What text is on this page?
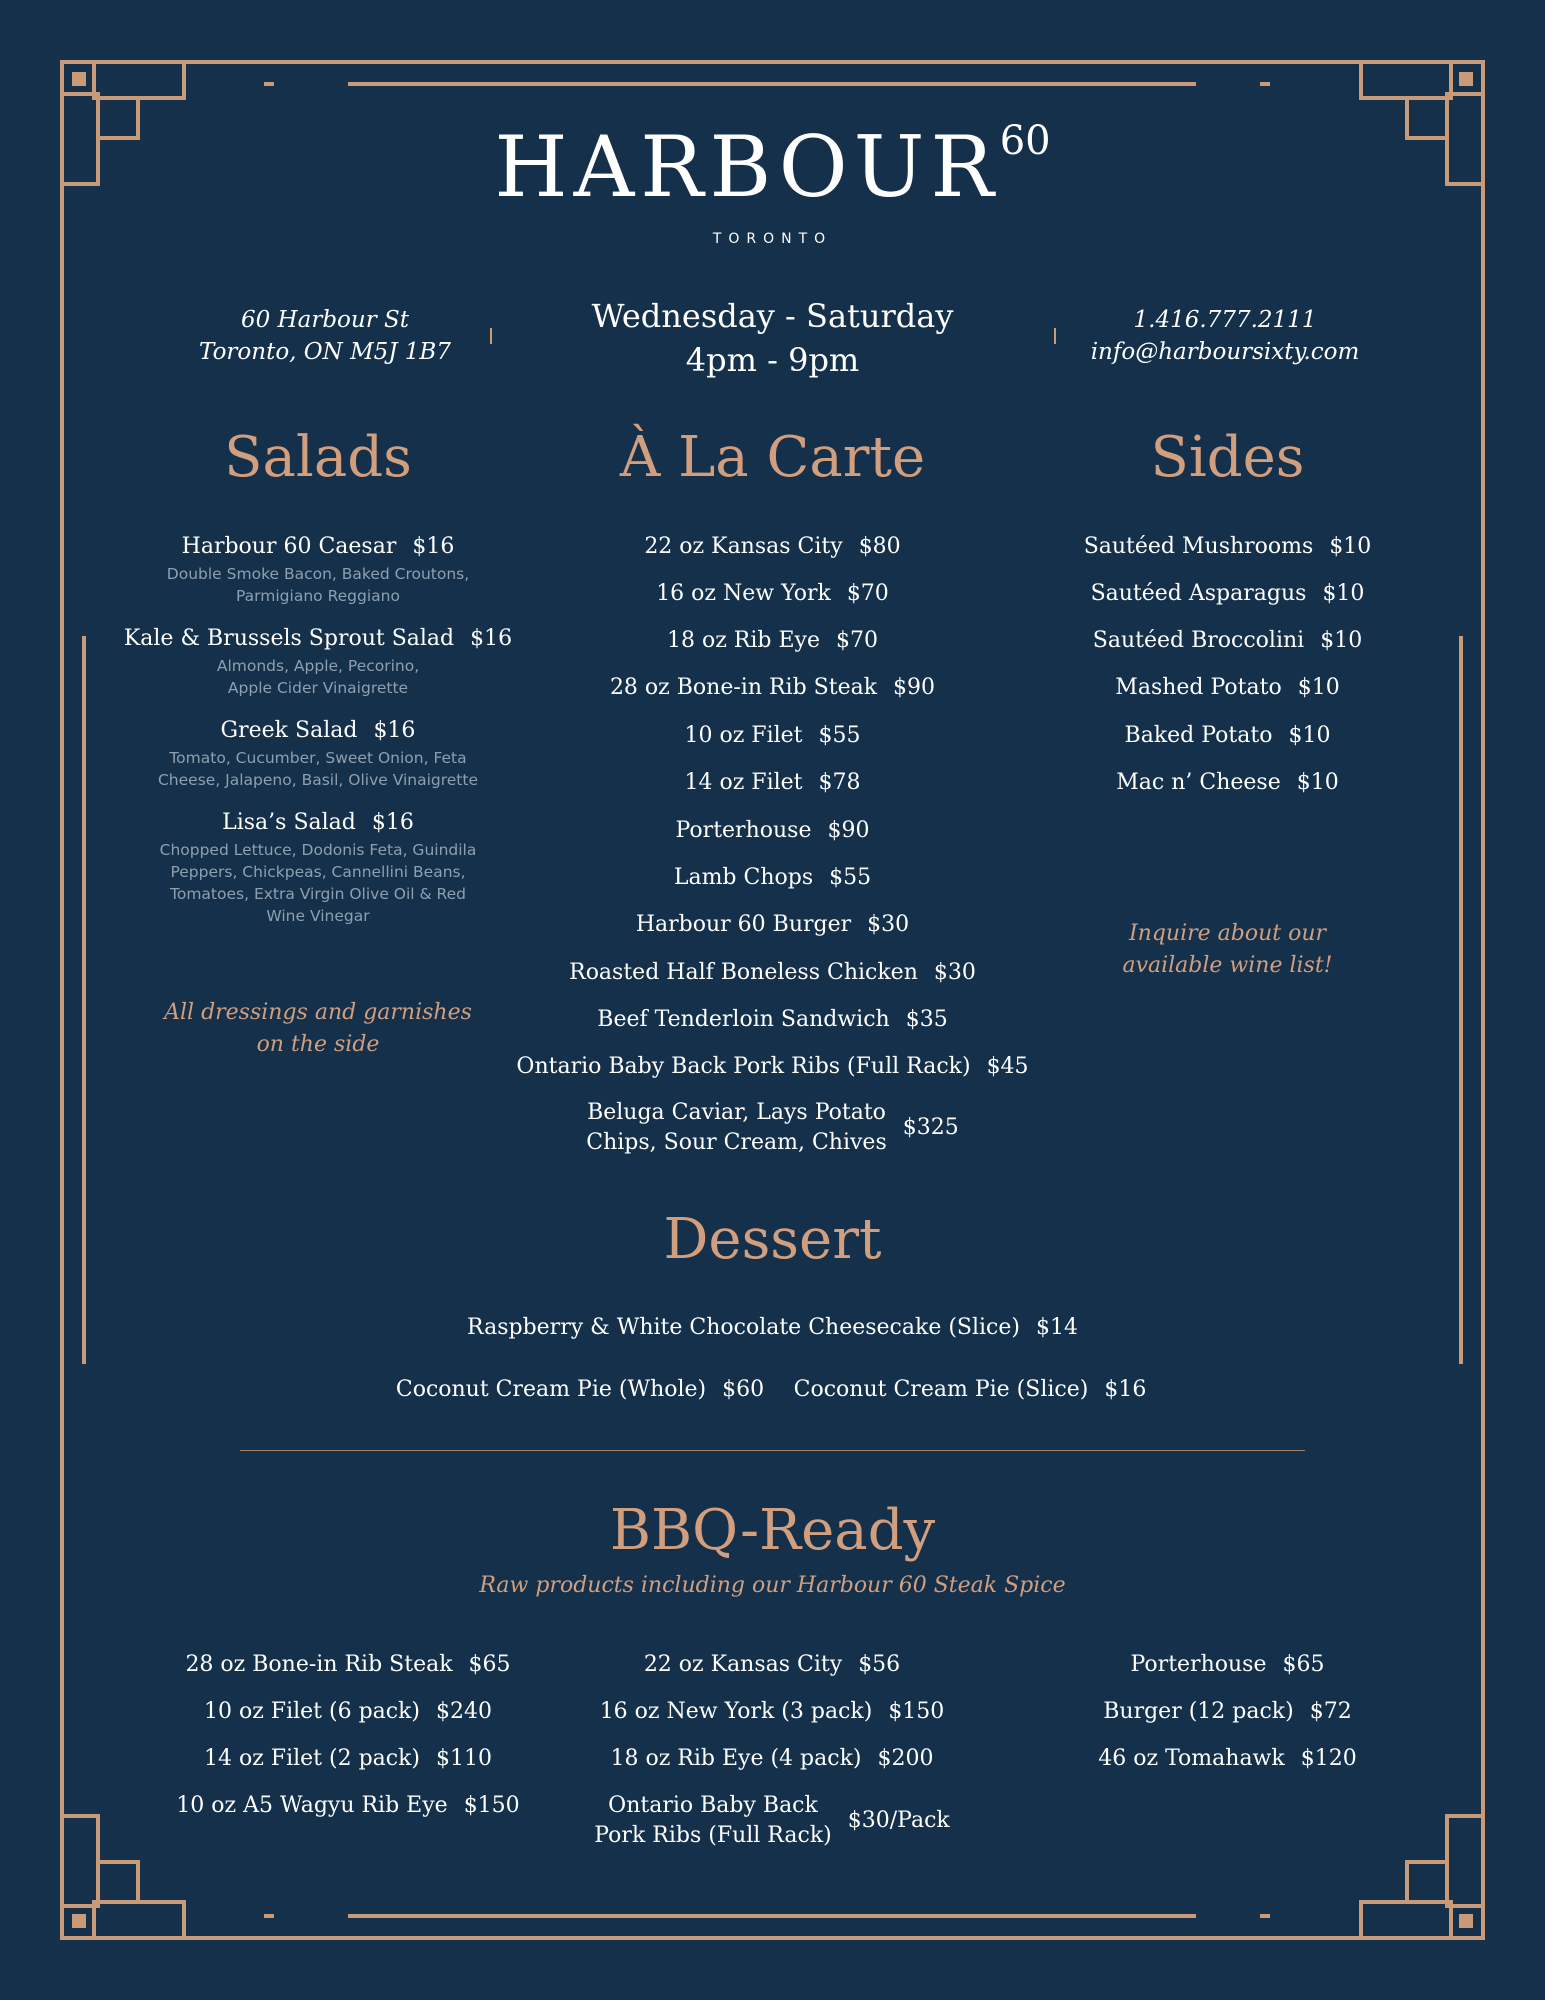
HARBOUR$^{60}$
TORONTO
60 Harbour St
Toronto, ON M5J 1B7
Wednesday - Saturday
4pm - 9pm
1.416.777.2111
info@harboursixty.com
Salads
Harbour 60 Caesar $16
Double Smoke Bacon, Baked Croutons,
Parmigiano Reggiano
Kale & Brussels Sprout Salad $16
Almonds, Apple, Pecorino,
Apple Cider Vinaigrette
Greek Salad $16
Tomato, Cucumber, Sweet Onion, Feta
Cheese, Jalapeno, Basil, Olive Vinaigrette
Lisa’s Salad $16
Chopped Lettuce, Dodonis Feta, Guindila
Peppers, Chickpeas, Cannellini Beans,
Tomatoes, Extra Virgin Olive Oil & Red
Wine Vinegar
All dressings and garnishes
on the side
À La Carte
22 oz Kansas City $80
16 oz New York $70
18 oz Rib Eye $70
28 oz Bone-in Rib Steak $90
10 oz Filet $55
14 oz Filet $78
Porterhouse $90
Lamb Chops $55
Harbour 60 Burger $30
Roasted Half Boneless Chicken $30
Beef Tenderloin Sandwich $35
Ontario Baby Back Pork Ribs (Full Rack) $45
Beluga Caviar, Lays Potato
Chips, Sour Cream, Chives
$325
Sides
Sautéed Mushrooms $10
Sautéed Asparagus $10
Sautéed Broccolini $10
Mashed Potato $10
Baked Potato $10
Mac n’ Cheese $10
Inquire about our
available wine list!
Dessert
Raspberry & White Chocolate Cheesecake (Slice) $14
Coconut Cream Pie (Whole) $60	Coconut Cream Pie (Slice) $16
BBQ-Ready
Raw products including our Harbour 60 Steak Spice
28 oz Bone-in Rib Steak $65
10 oz Filet (6 pack) $240
14 oz Filet (2 pack) $110
10 oz A5 Wagyu Rib Eye $150
22 oz Kansas City $56
16 oz New York (3 pack) $150
18 oz Rib Eye (4 pack) $200
Ontario Baby Back
Pork Ribs (Full Rack)
$30/Pack
Porterhouse $65
Burger (12 pack) $72
46 oz Tomahawk $120
